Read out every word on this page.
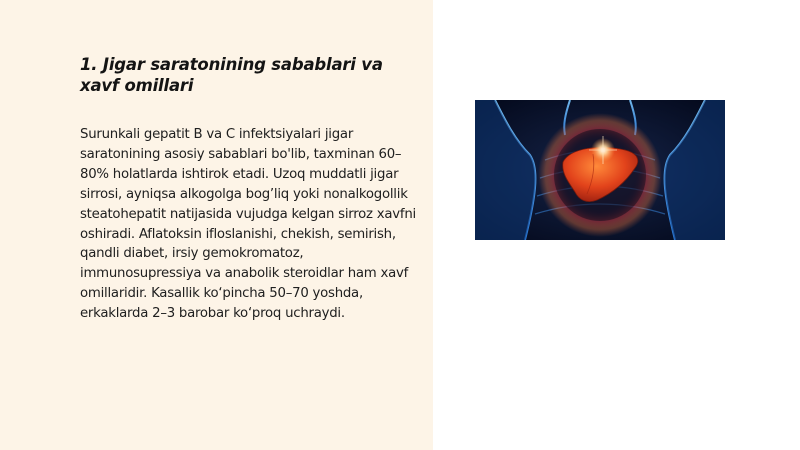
1. Jigar saratonining sabablari va xavf omillari

Surunkali gepatit B va C infektsiyalari jigar saratonining asosiy sabablari bo'lib, taxminan 60–80% holatlarda ishtirok etadi. Uzoq muddatli jigar sirrosi, ayniqsa alkogolga bog’liq yoki nonalkogollik steatohepatit natijasida vujudga kelgan sirroz xavfni oshiradi. Aflatoksin ifloslanishi, chekish, semirish, qandli diabet, irsiy gemokromatoz, immunosupressiya va anabolik steroidlar ham xavf omillaridir. Kasallik ko‘pincha 50–70 yoshda, erkaklarda 2–3 barobar ko‘proq uchraydi.
